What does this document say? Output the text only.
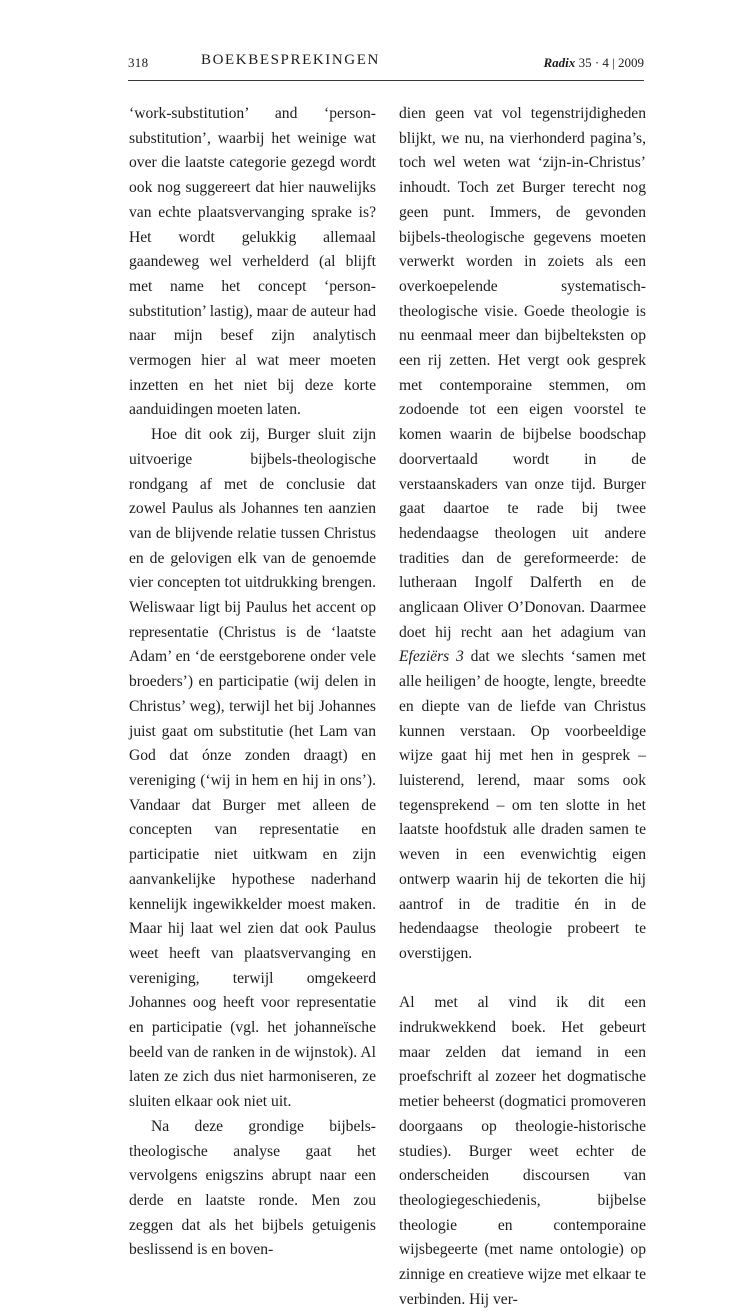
318	BOEKBESPREKINGEN	Radix 35 · 4 | 2009

‘work-substitution’ and ‘person-substitution’, waarbij het weinige wat over die laatste categorie gezegd wordt ook nog suggereert dat hier nauwelijks van echte plaatsvervanging sprake is? Het wordt gelukkig allemaal gaandeweg wel verhelderd (al blijft met name het concept ‘person-substitution’ lastig), maar de auteur had naar mijn besef zijn analytisch vermogen hier al wat meer moeten inzetten en het niet bij deze korte aanduidingen moeten laten.

Hoe dit ook zij, Burger sluit zijn uitvoerige bijbels-theologische rondgang af met de conclusie dat zowel Paulus als Johannes ten aanzien van de blijvende relatie tussen Christus en de gelovigen elk van de genoemde vier concepten tot uitdrukking brengen. Weliswaar ligt bij Paulus het accent op representatie (Christus is de ‘laatste Adam’ en ‘de eerstgeborene onder vele broeders’) en participatie (wij delen in Christus’ weg), terwijl het bij Johannes juist gaat om substitutie (het Lam van God dat ónze zonden draagt) en vereniging (‘wij in hem en hij in ons’). Vandaar dat Burger met alleen de concepten van representatie en participatie niet uitkwam en zijn aanvankelijke hypothese naderhand kennelijk ingewikkelder moest maken. Maar hij laat wel zien dat ook Paulus weet heeft van plaatsvervanging en vereniging, terwijl omgekeerd Johannes oog heeft voor representatie en participatie (vgl. het johanneïsche beeld van de ranken in de wijnstok). Al laten ze zich dus niet harmoniseren, ze sluiten elkaar ook niet uit.

Na deze grondige bijbels-theologische analyse gaat het vervolgens enigszins abrupt naar een derde en laatste ronde. Men zou zeggen dat als het bijbels getuigenis beslissend is en boven-

dien geen vat vol tegenstrijdigheden blijkt, we nu, na vierhonderd pagina’s, toch wel weten wat ‘zijn-in-Christus’ inhoudt. Toch zet Burger terecht nog geen punt. Immers, de gevonden bijbels-theologische gegevens moeten verwerkt worden in zoiets als een overkoepelende systematisch-theologische visie. Goede theologie is nu eenmaal meer dan bijbelteksten op een rij zetten. Het vergt ook gesprek met contemporaine stemmen, om zodoende tot een eigen voorstel te komen waarin de bijbelse boodschap doorvertaald wordt in de verstaanskaders van onze tijd. Burger gaat daartoe te rade bij twee hedendaagse theologen uit andere tradities dan de gereformeerde: de lutheraan Ingolf Dalferth en de anglicaan Oliver O’Donovan. Daarmee doet hij recht aan het adagium van Efeziërs 3 dat we slechts ‘samen met alle heiligen’ de hoogte, lengte, breedte en diepte van de liefde van Christus kunnen verstaan. Op voorbeeldige wijze gaat hij met hen in gesprek – luisterend, lerend, maar soms ook tegensprekend – om ten slotte in het laatste hoofdstuk alle draden samen te weven in een evenwichtig eigen ontwerp waarin hij de tekorten die hij aantrof in de traditie én in de hedendaagse theologie probeert te overstijgen.

Al met al vind ik dit een indrukwekkend boek. Het gebeurt maar zelden dat iemand in een proefschrift al zozeer het dogmatische metier beheerst (dogmatici promoveren doorgaans op theologie-historische studies). Burger weet echter de onderscheiden discoursen van theologiegeschiedenis, bijbelse theologie en contemporaine wijsbegeerte (met name ontologie) op zinnige en creatieve wijze met elkaar te verbinden. Hij ver-
